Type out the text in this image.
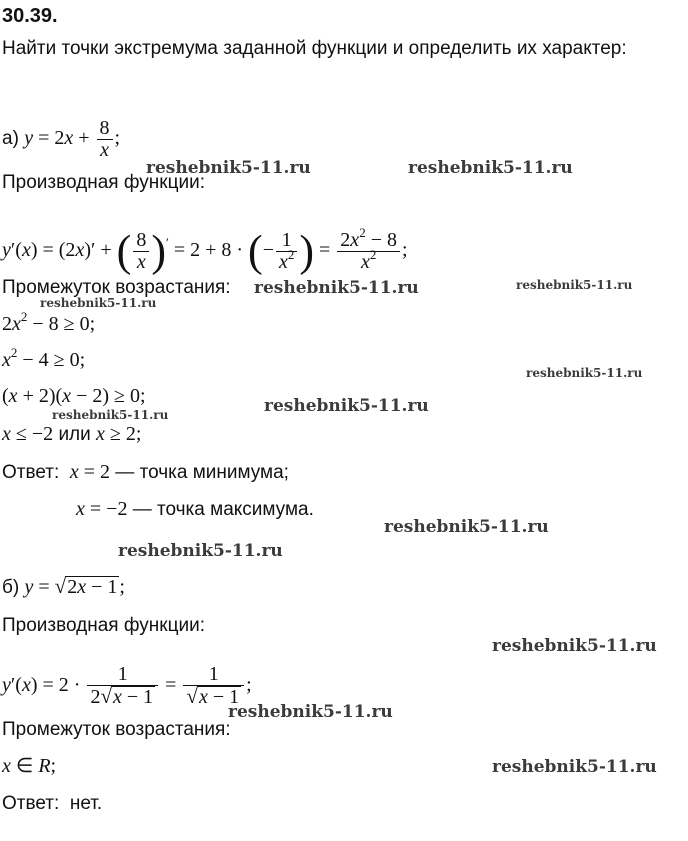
30.39.
Найти точки экстремума заданной функции и определить их характер:
а) $y = 2x + \frac{8}{x}$ ;
Производная функции:
y′(x) = (2x)′ + ( $\frac{8}{x} )' = 2 + 8$ · (− $\frac{1}{x^2}$ ) = $\frac{2x^2 - 8}{x^2}$ ;
Промежуток возрастания:
$2x^2 - 8 \ge 0$;
$x^2 - 4 \ge 0$;
(x + 2)(x − 2) ≥ 0;
x ≤ −2 или x ≥ 2;
Ответ: x = 2 — точка минимума;
x = −2 — точка максимума.
б) y = √2x − 1 ;
Производная функции:
$y'(x) = 2 \cdot \frac{1}{2√x - 1} = \frac{1}{√x - 1}$ ;
Промежуток возрастания:
x ∈ R;
Ответ: нет.
reshebnik5-11.ru	reshebnik5-11.ru
reshebnik5-11.ru	reshebnik5-11.ru
reshebnik5-11.ru
reshebnik5-11.ru
reshebnik5-11.ru
reshebnik5-11.ru
reshebnik5-11.ru
reshebnik5-11.ru
reshebnik5-11.ru
reshebnik5-11.ru
reshebnik5-11.ru
